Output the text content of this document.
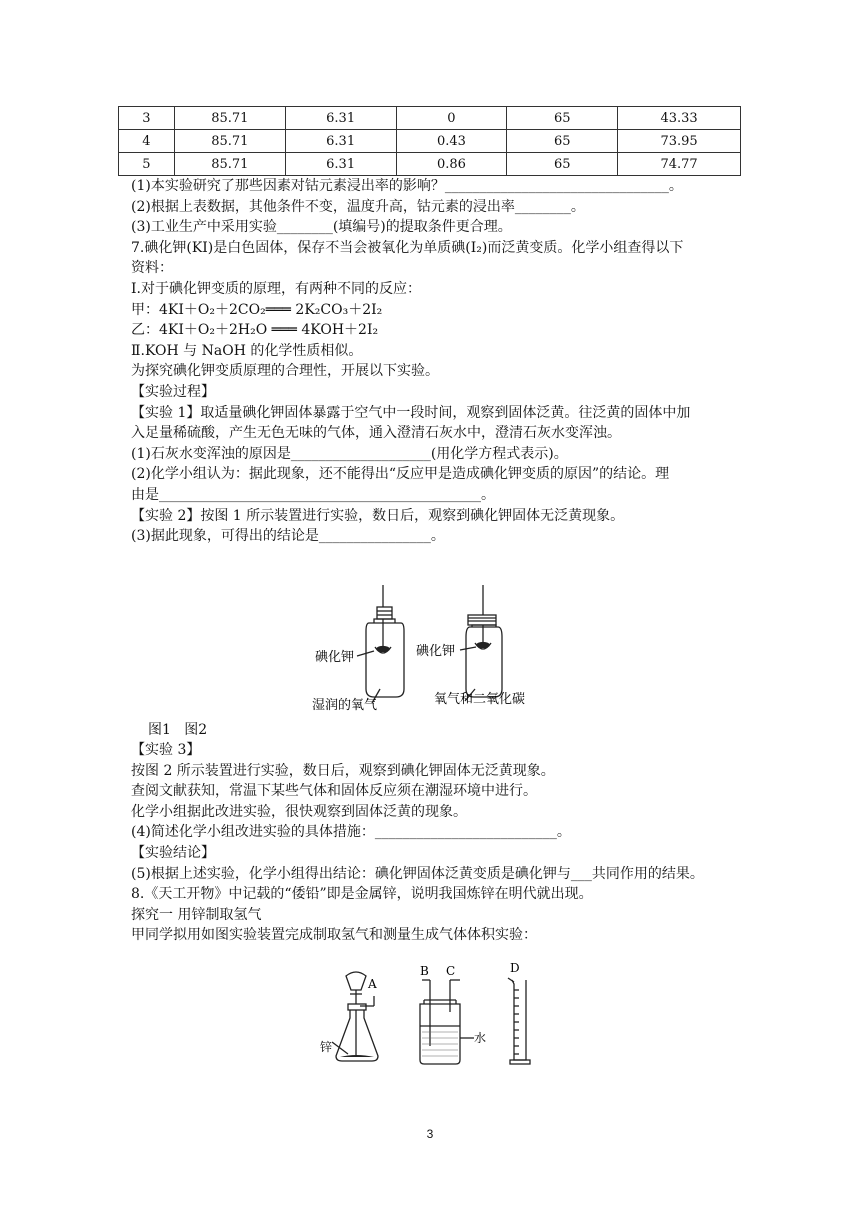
3	85.71	6.31	0	65	43.33
4	85.71	6.31	0.43	65	73.95
5	85.71	6.31	0.86	65	74.77
(1)本实验研究了那些因素对钴元素浸出率的影响？________________________________。
(2)根据上表数据，其他条件不变，温度升高，钴元素的浸出率________。
(3)工业生产中采用实验________(填编号)的提取条件更合理。
7.碘化钾(KI)是白色固体，保存不当会被氧化为单质碘(I₂)而泛黄变质。化学小组查得以下
资料：
Ⅰ.对于碘化钾变质的原理，有两种不同的反应：
甲：4KI＋O₂＋2CO₂═══ 2K₂CO₃＋2I₂
乙：4KI＋O₂＋2H₂O ═══ 4KOH＋2I₂
Ⅱ.KOH 与 NaOH 的化学性质相似。
为探究碘化钾变质原理的合理性，开展以下实验。
【实验过程】
【实验 1】取适量碘化钾固体暴露于空气中一段时间，观察到固体泛黄。往泛黄的固体中加
入足量稀硫酸，产生无色无味的气体，通入澄清石灰水中，澄清石灰水变浑浊。
(1)石灰水变浑浊的原因是____________________(用化学方程式表示)。
(2)化学小组认为：据此现象，还不能得出“反应甲是造成碘化钾变质的原因”的结论。理
由是______________________________________________。
【实验 2】按图 1 所示装置进行实验，数日后，观察到碘化钾固体无泛黄现象。
(3)据此现象，可得出的结论是________________。
碘化钾	碘化钾
湿润的氧气	氧气和二氧化碳
图1   图2
【实验 3】
按图 2 所示装置进行实验，数日后，观察到碘化钾固体无泛黄现象。
查阅文献获知，常温下某些气体和固体反应须在潮湿环境中进行。
化学小组据此改进实验，很快观察到固体泛黄的现象。
(4)简述化学小组改进实验的具体措施：__________________________。
【实验结论】
(5)根据上述实验，化学小组得出结论：碘化钾固体泛黄变质是碘化钾与___共同作用的结果。
8.《天工开物》中记载的“倭铅”即是金属锌，说明我国炼锌在明代就出现。
探究一 用锌制取氢气
甲同学拟用如图实验装置完成制取氢气和测量生成气体体积实验：
A
锌
B C
水
D
3
